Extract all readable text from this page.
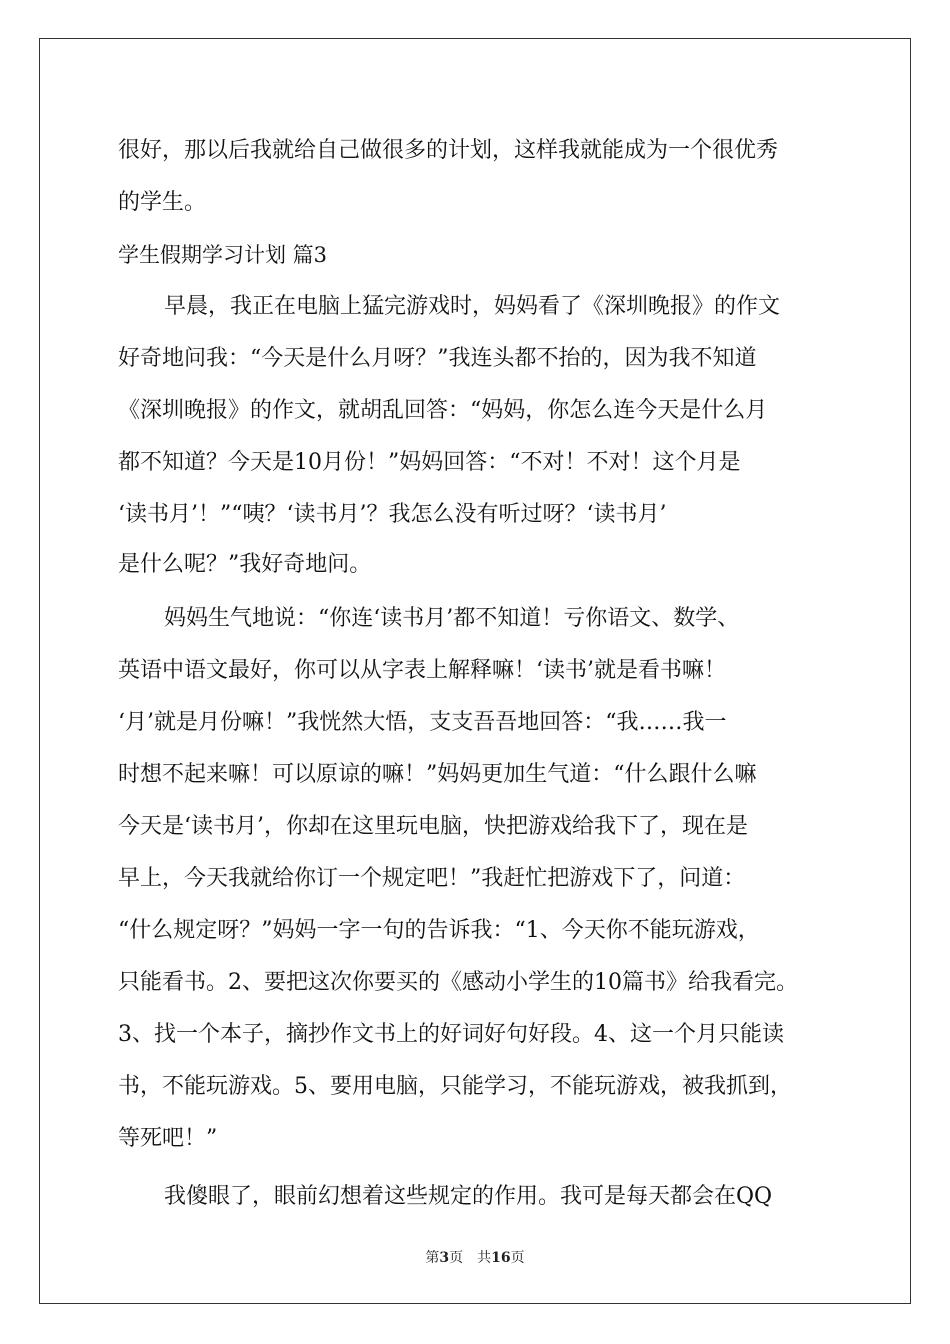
很好，那以后我就给自己做很多的计划，这样我就能成为一个很优秀
的学生。
学生假期学习计划 篇3
早晨，我正在电脑上猛完游戏时，妈妈看了《深圳晚报》的作文
好奇地问我：“今天是什么月呀？”我连头都不抬的，因为我不知道
《深圳晚报》的作文，就胡乱回答：“妈妈，你怎么连今天是什么月
都不知道？今天是10月份！”妈妈回答：“不对！不对！这个月是
‘读书月’！”“咦？‘读书月’？我怎么没有听过呀？‘读书月’
是什么呢？”我好奇地问。
妈妈生气地说：“你连‘读书月’都不知道！亏你语文、数学、
英语中语文最好，你可以从字表上解释嘛！‘读书’就是看书嘛！
‘月’就是月份嘛！”我恍然大悟，支支吾吾地回答：“我……我一
时想不起来嘛！可以原谅的嘛！”妈妈更加生气道：“什么跟什么嘛
今天是‘读书月’，你却在这里玩电脑，快把游戏给我下了，现在是
早上，今天我就给你订一个规定吧！”我赶忙把游戏下了，问道：
“什么规定呀？”妈妈一字一句的告诉我：“1、今天你不能玩游戏，
只能看书。2、要把这次你要买的《感动小学生的10篇书》给我看完。
3、找一个本子，摘抄作文书上的好词好句好段。4、这一个月只能读
书，不能玩游戏。5、要用电脑，只能学习，不能玩游戏，被我抓到，
等死吧！”
我傻眼了，眼前幻想着这些规定的作用。我可是每天都会在QQ
第3页　共16页
